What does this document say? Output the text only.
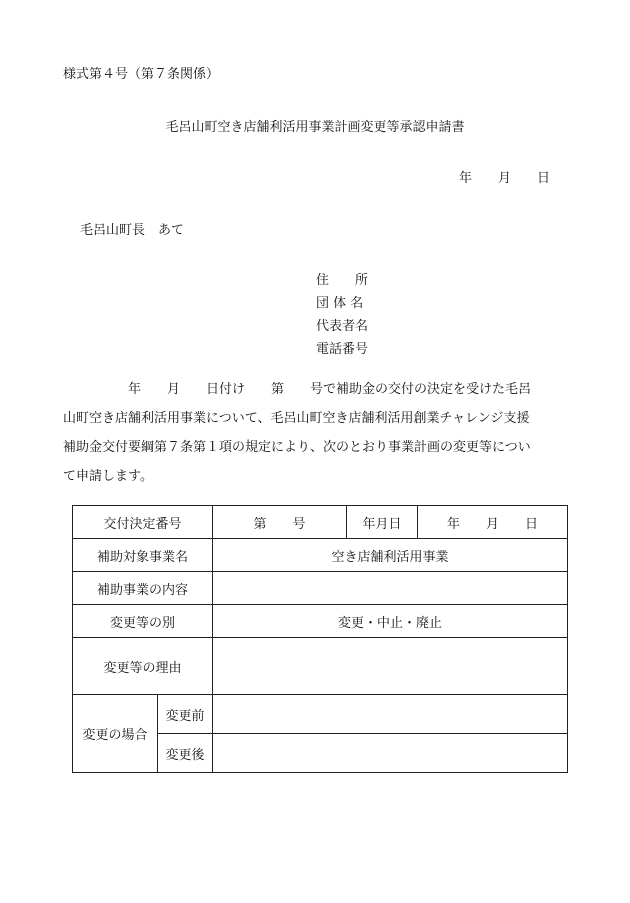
様式第４号（第７条関係）
毛呂山町空き店舗利活用事業計画変更等承認申請書
年　　月　　日
毛呂山町長　あて
住　　所
団 体 名
代表者名
電話番号
　　　　　年　　月　　日付け　　第　　号で補助金の交付の決定を受けた毛呂
山町空き店舗利活用事業について、毛呂山町空き店舗利活用創業チャレンジ支援
補助金交付要綱第７条第１項の規定により、次のとおり事業計画の変更等につい
て申請します。
交付決定番号		第　　号	年月日	年　　月　　日
補助対象事業名		空き店舗利活用事業		
補助事業の内容				
変更等の別		変更・中止・廃止		
変更等の理由				
変更の場合	変更前			
	変更後			
